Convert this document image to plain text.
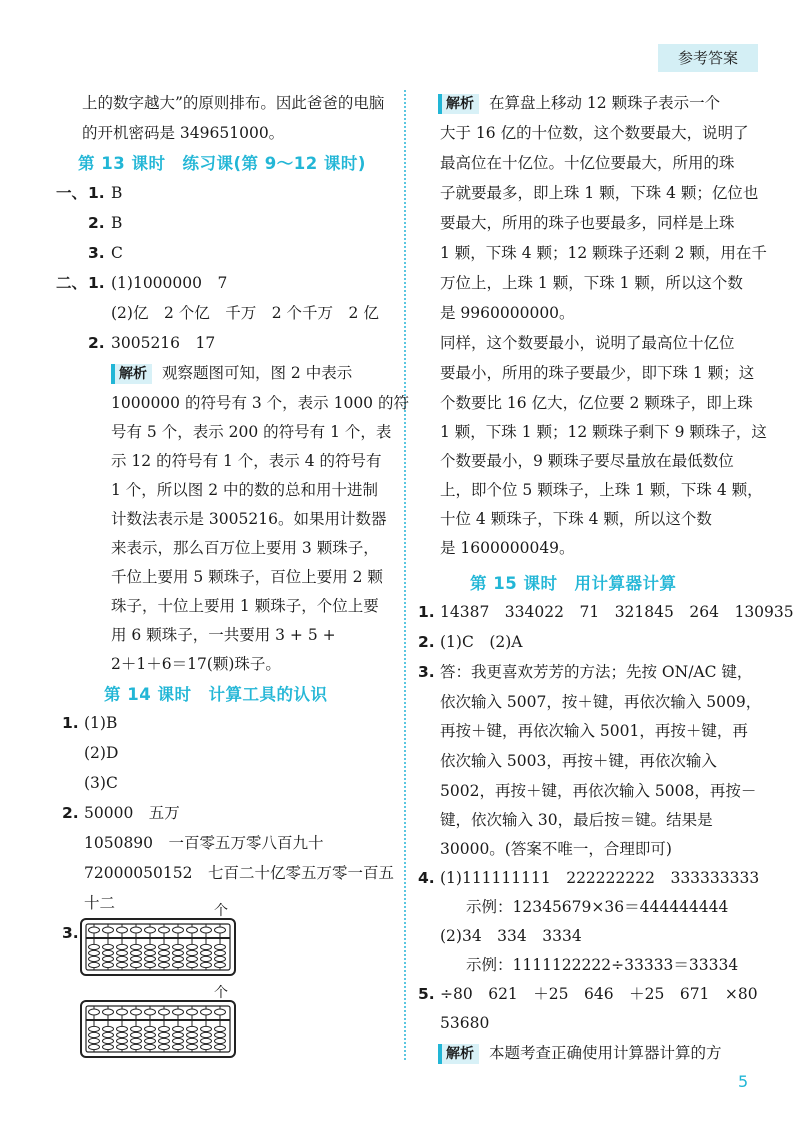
参考答案
上的数字越大”的原则排布。因此爸爸的电脑
的开机密码是 349651000。
第 13 课时　练习课(第 9～12 课时)
一、 1. B
2. B
3. C
二、 1. (1)1000000　7
(2)亿　2 个亿　千万　2 个千万　2 亿
2. 3005216　17
解析 观察题图可知，图 2 中表示
1000000 的符号有 3 个，表示 1000 的符
号有 5 个，表示 200 的符号有 1 个，表
示 12 的符号有 1 个，表示 4 的符号有
1 个，所以图 2 中的数的总和用十进制
计数法表示是 3005216。如果用计数器
来表示，那么百万位上要用 3 颗珠子，
千位上要用 5 颗珠子，百位上要用 2 颗
珠子，十位上要用 1 颗珠子，个位上要
用 6 颗珠子，一共要用 3 + 5 +
2＋1＋6＝17(颗)珠子。
第 14 课时　计算工具的认识
1. (1)B
(2)D
(3)C
2. 50000　五万
1050890　一百零五万零八百九十
72000050152　七百二十亿零五万零一百五
十二
3.
个
个
解析 在算盘上移动 12 颗珠子表示一个
大于 16 亿的十位数，这个数要最大，说明了
最高位在十亿位。十亿位要最大，所用的珠
子就要最多，即上珠 1 颗，下珠 4 颗；亿位也
要最大，所用的珠子也要最多，同样是上珠
1 颗，下珠 4 颗；12 颗珠子还剩 2 颗，用在千
万位上，上珠 1 颗，下珠 1 颗，所以这个数
是 9960000000。
同样，这个数要最小，说明了最高位十亿位
要最小，所用的珠子要最少，即下珠 1 颗；这
个数要比 16 亿大，亿位要 2 颗珠子，即上珠
1 颗，下珠 1 颗；12 颗珠子剩下 9 颗珠子，这
个数要最小，9 颗珠子要尽量放在最低数位
上，即个位 5 颗珠子，上珠 1 颗，下珠 4 颗，
十位 4 颗珠子，下珠 4 颗，所以这个数
是 1600000049。
第 15 课时　用计算器计算
1. 14387　334022　71　321845　264　130935
2. (1)C　(2)A
3. 答：我更喜欢芳芳的方法；先按 ON/AC 键，
依次输入 5007，按＋键，再依次输入 5009，
再按＋键，再依次输入 5001，再按＋键，再
依次输入 5003，再按＋键，再依次输入
5002，再按＋键，再依次输入 5008，再按－
键，依次输入 30，最后按＝键。结果是
30000。(答案不唯一，合理即可)
4. (1)111111111　222222222　333333333
示例：12345679×36＝444444444
(2)34　334　3334
示例：1111122222÷33333＝33334
5. ÷80　621　＋25　646　＋25　671　×80
53680
解析 本题考查正确使用计算器计算的方
5
